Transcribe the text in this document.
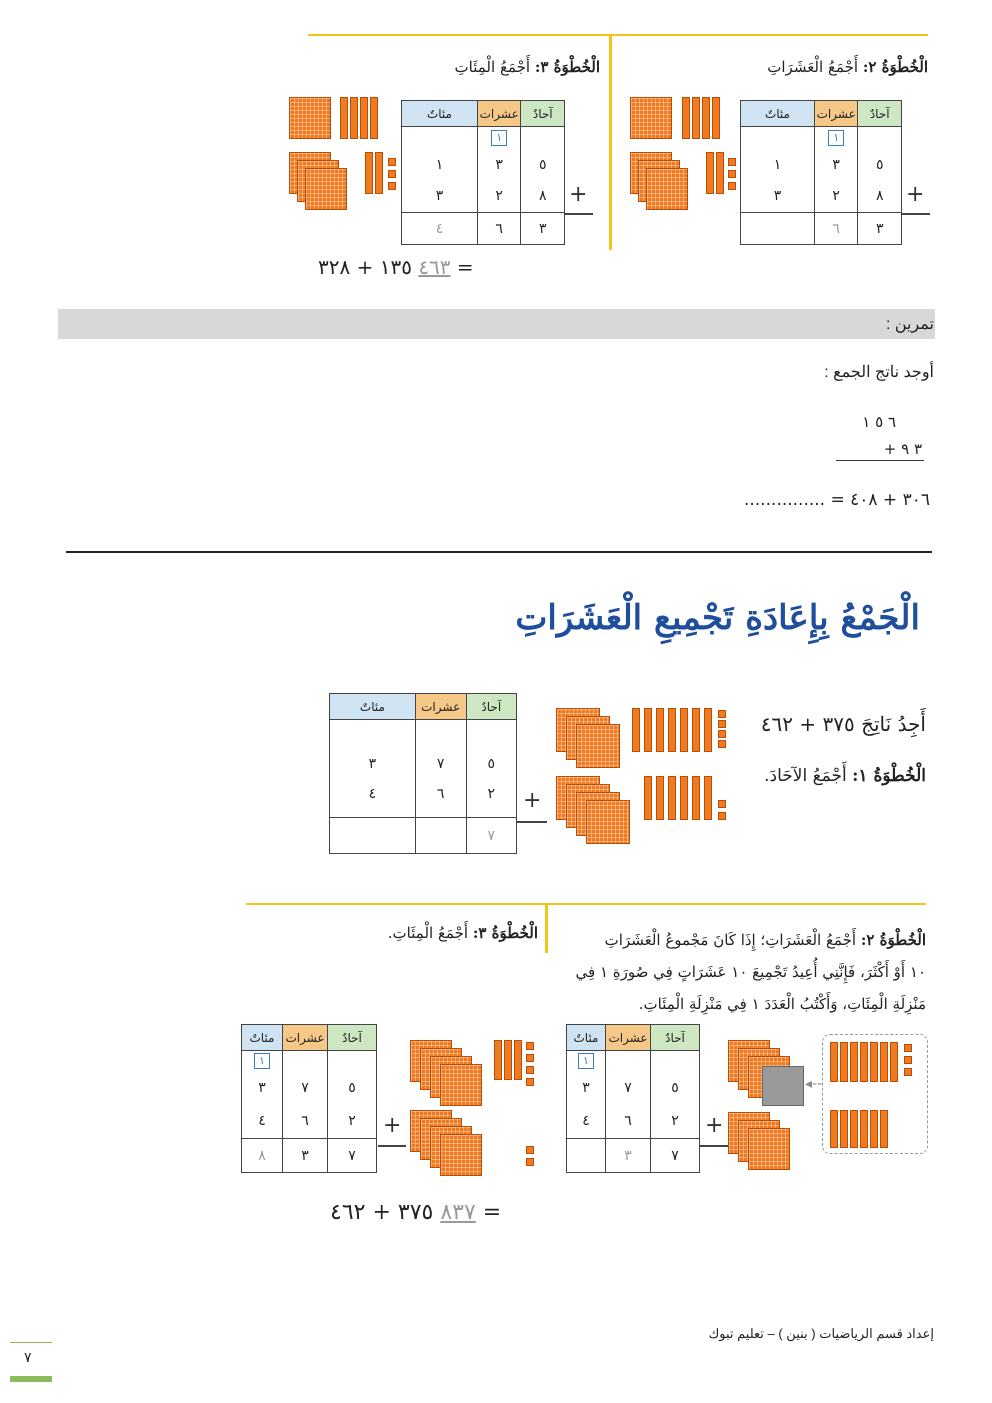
الْخُطْوَةُ ٢: أَجْمَعُ الْعَشَرَاتِ
الْخُطْوَةُ ٣: أَجْمَعُ الْمِئَاتِ
مئاتٌ	عشرات	آحادٌ
	١	
١	٣	٥
٣	٢	٨
	٦	٣
+
مئاتٌ	عشرات	آحادٌ
	١	
١	٣	٥
٣	٢	٨
٤	٦	٣
+
٤٦٣ ١٣٥ + ٣٢٨ =
تمرين :
أوجد ناتج الجمع :
٦ ٥ ١
٣ ٩ +
٣٠٦ + ٤٠٨ = ...............
الْجَمْعُ بِإِعَادَةِ تَجْمِيعِ الْعَشَرَاتِ
مئاتٌ	عشرات	آحادٌ
٣	٧	٥
٤	٦	٢
		٧
+
أَجِدُ نَاتِجَ ٣٧٥ + ٤٦٢
الْخُطْوَةُ ١: أَجْمَعُ الآحَادَ.
الْخُطْوَةُ ٢: أَجْمَعُ الْعَشَرَاتِ؛ إِذَا كَانَ مَجْموعُ الْعَشَرَاتِ
١٠ أَوْ أَكْثَرَ، فَإِنَّنِي أُعِيدُ تَجْمِيعَ ١٠ عَشَرَاتٍ فِي صُورَةِ ١ فِي
مَنْزِلَةِ الْمِئَاتِ، وَأَكْتُبُ الْعَدَدَ ١ فِي مَنْزِلَةِ الْمِئَاتِ.
الْخُطْوَةُ ٣: أَجْمَعُ الْمِئَاتِ.
مئاتٌ	عشرات	آحادٌ
١		
٣	٧	٥
٤	٦	٢
	٣	٧
+
مئاتٌ	عشرات	آحادٌ
١		
٣	٧	٥
٤	٦	٢
٨	٣	٧
+
◂‐‐
٨٣٧ ٣٧٥ + ٤٦٢ =
إعداد قسم الرياضيات ( بنين ) – تعليم تبوك
٧
